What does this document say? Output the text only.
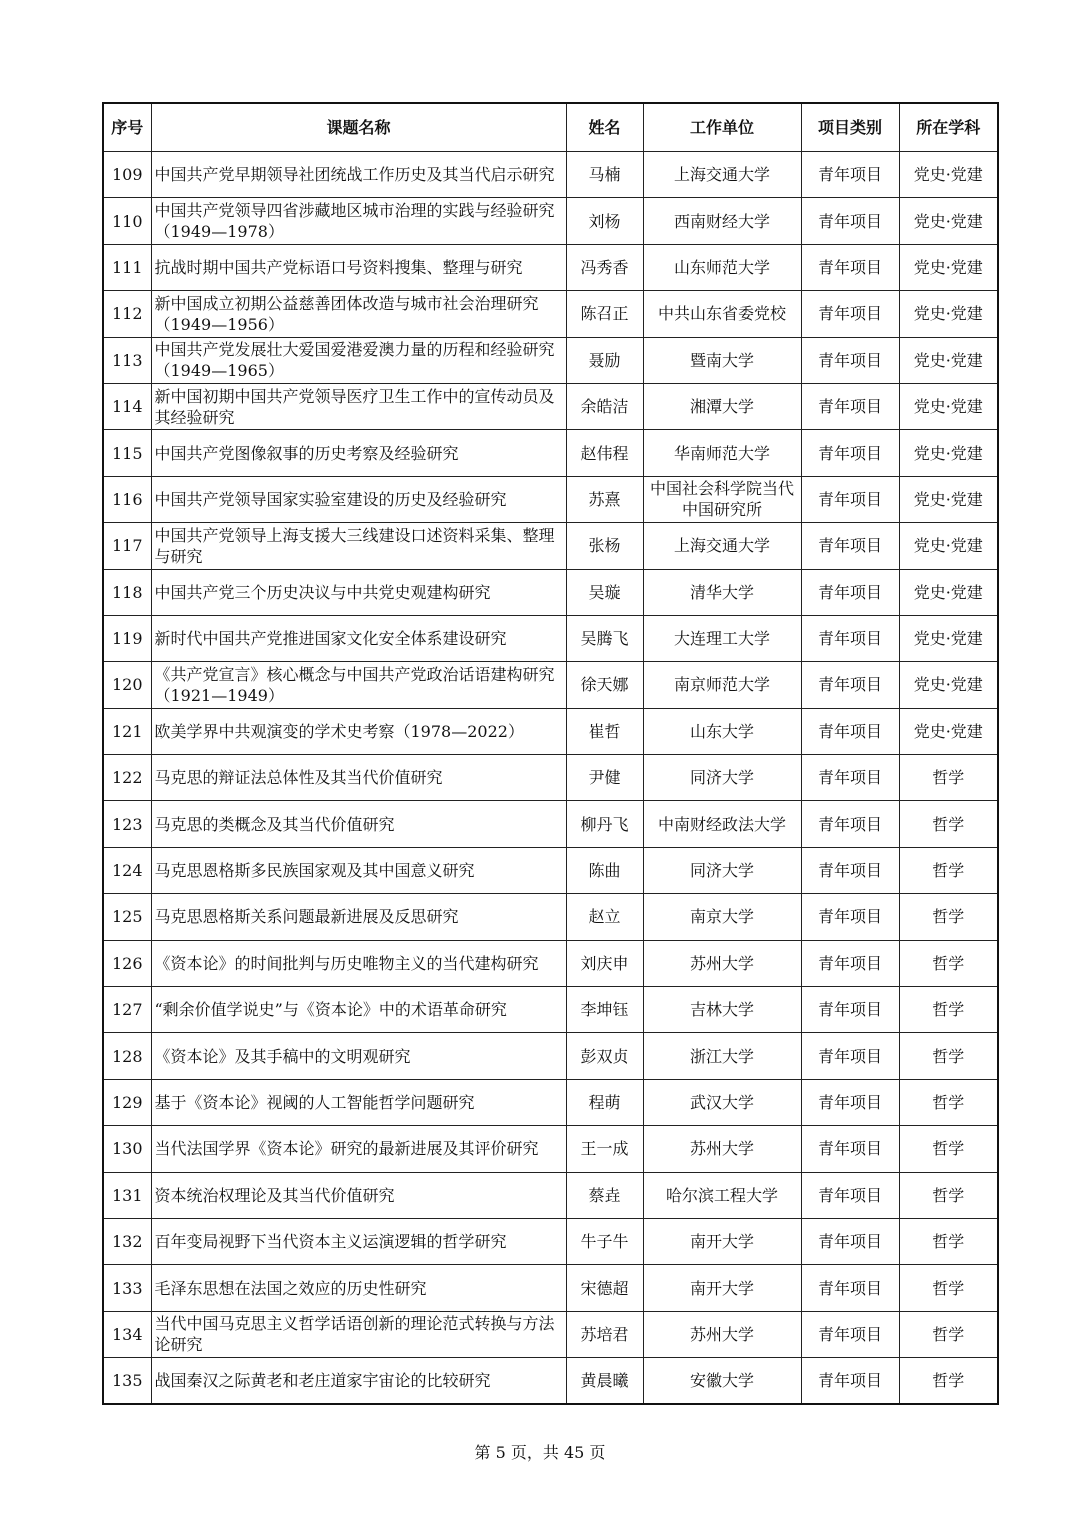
序号	课题名称	姓名	工作单位	项目类别	所在学科
109	中国共产党早期领导社团统战工作历史及其当代启示研究	马楠	上海交通大学	青年项目	党史·党建
110	中国共产党领导四省涉藏地区城市治理的实践与经验研究（1949—1978）	刘杨	西南财经大学	青年项目	党史·党建
111	抗战时期中国共产党标语口号资料搜集、整理与研究	冯秀香	山东师范大学	青年项目	党史·党建
112	新中国成立初期公益慈善团体改造与城市社会治理研究（1949—1956）	陈召正	中共山东省委党校	青年项目	党史·党建
113	中国共产党发展壮大爱国爱港爱澳力量的历程和经验研究（1949—1965）	聂励	暨南大学	青年项目	党史·党建
114	新中国初期中国共产党领导医疗卫生工作中的宣传动员及其经验研究	余皓洁	湘潭大学	青年项目	党史·党建
115	中国共产党图像叙事的历史考察及经验研究	赵伟程	华南师范大学	青年项目	党史·党建
116	中国共产党领导国家实验室建设的历史及经验研究	苏熹	中国社会科学院当代中国研究所	青年项目	党史·党建
117	中国共产党领导上海支援大三线建设口述资料采集、整理与研究	张杨	上海交通大学	青年项目	党史·党建
118	中国共产党三个历史决议与中共党史观建构研究	吴璇	清华大学	青年项目	党史·党建
119	新时代中国共产党推进国家文化安全体系建设研究	吴腾飞	大连理工大学	青年项目	党史·党建
120	《共产党宣言》核心概念与中国共产党政治话语建构研究（1921—1949）	徐天娜	南京师范大学	青年项目	党史·党建
121	欧美学界中共观演变的学术史考察（1978—2022）	崔哲	山东大学	青年项目	党史·党建
122	马克思的辩证法总体性及其当代价值研究	尹健	同济大学	青年项目	哲学
123	马克思的类概念及其当代价值研究	柳丹飞	中南财经政法大学	青年项目	哲学
124	马克思恩格斯多民族国家观及其中国意义研究	陈曲	同济大学	青年项目	哲学
125	马克思恩格斯关系问题最新进展及反思研究	赵立	南京大学	青年项目	哲学
126	《资本论》的时间批判与历史唯物主义的当代建构研究	刘庆申	苏州大学	青年项目	哲学
127	“剩余价值学说史”与《资本论》中的术语革命研究	李坤钰	吉林大学	青年项目	哲学
128	《资本论》及其手稿中的文明观研究	彭双贞	浙江大学	青年项目	哲学
129	基于《资本论》视阈的人工智能哲学问题研究	程萌	武汉大学	青年项目	哲学
130	当代法国学界《资本论》研究的最新进展及其评价研究	王一成	苏州大学	青年项目	哲学
131	资本统治权理论及其当代价值研究	蔡垚	哈尔滨工程大学	青年项目	哲学
132	百年变局视野下当代资本主义运演逻辑的哲学研究	牛子牛	南开大学	青年项目	哲学
133	毛泽东思想在法国之效应的历史性研究	宋德超	南开大学	青年项目	哲学
134	当代中国马克思主义哲学话语创新的理论范式转换与方法论研究	苏培君	苏州大学	青年项目	哲学
135	战国秦汉之际黄老和老庄道家宇宙论的比较研究	黄晨曦	安徽大学	青年项目	哲学
第 5 页，共 45 页
